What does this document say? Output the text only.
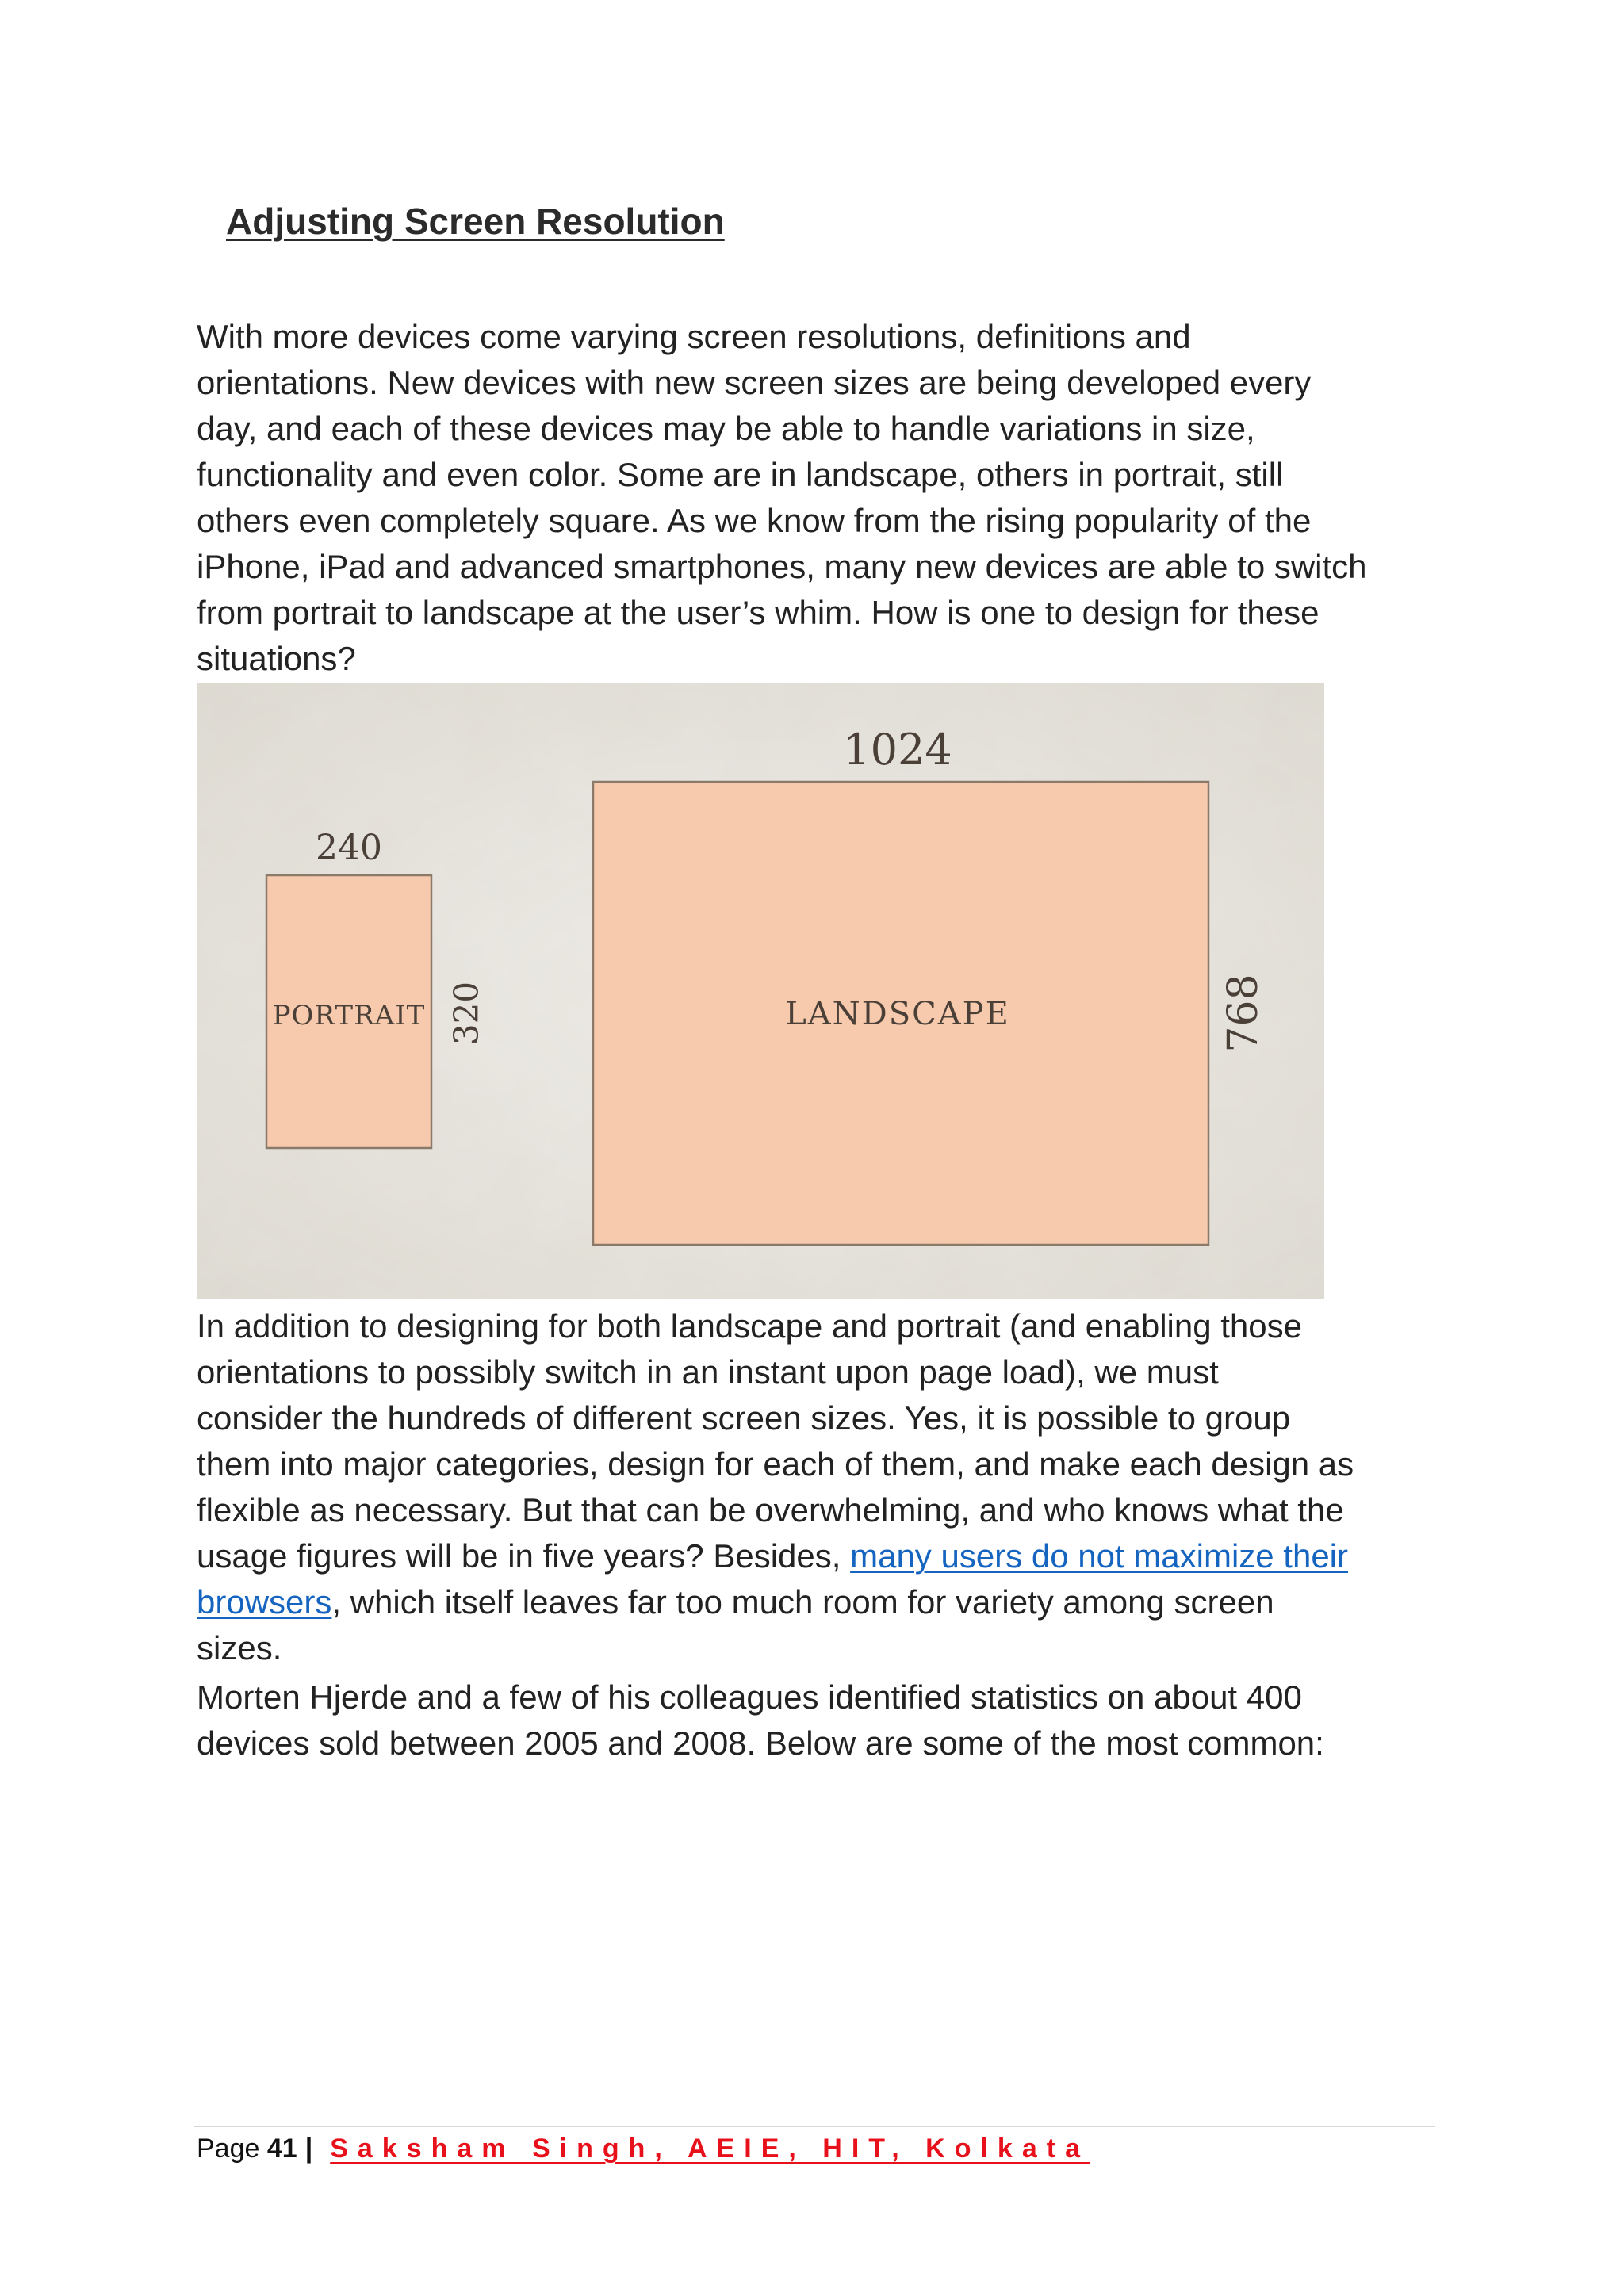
Adjusting Screen Resolution
With more devices come varying screen resolutions, definitions and
orientations. New devices with new screen sizes are being developed every
day, and each of these devices may be able to handle variations in size,
functionality and even color. Some are in landscape, others in portrait, still
others even completely square. As we know from the rising popularity of the
iPhone, iPad and advanced smartphones, many new devices are able to switch
from portrait to landscape at the user’s whim. How is one to design for these
situations?
240
PORTRAIT 320
1024
LANDSCAPE	768
In addition to designing for both landscape and portrait (and enabling those
orientations to possibly switch in an instant upon page load), we must
consider the hundreds of different screen sizes. Yes, it is possible to group
them into major categories, design for each of them, and make each design as
flexible as necessary. But that can be overwhelming, and who knows what the
usage figures will be in five years? Besides, many users do not maximize their
browsers, which itself leaves far too much room for variety among screen
sizes.
Morten Hjerde and a few of his colleagues identified statistics on about 400
devices sold between 2005 and 2008. Below are some of the most common:
Page 41 | Saksham Singh, AEIE, HIT, Kolkata
